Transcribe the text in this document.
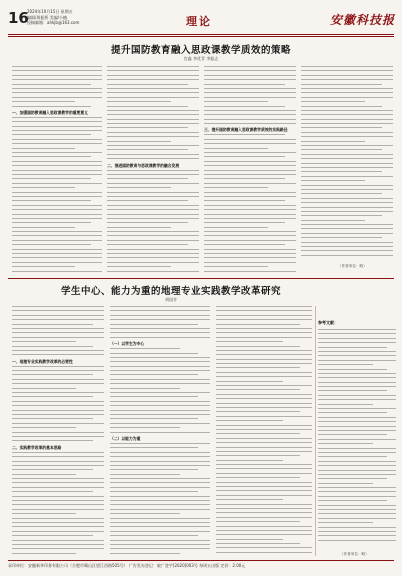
16
2024年10月15日 星期五
编辑/周振桥 美编/小楠
投稿邮箱：ahkjb@163.com	理论	安徽科技报
提升国防教育融入思政课教学质效的策略
宫鑫 李优青 李振志
一、加强国防教育融入思政课教学的重要意义
二、推进国防教育与思政课教学的融合发展
三、提升国防教育融入思政课教学质效的实践路径
（作者单位：略）
学生中心、能力为重的地理专业实践教学改革研究
胡国芳
一、地理专业实践教学改革的必要性
二、实践教学改革的基本思路
（一）以学生为中心
（二）以能力为重
参考文献：
（作者单位：略）
承印单位：安徽新华印务有限公司（合肥市蜀山区望江西路505号） 广告发布登记：皖广登字[2020]003号 每周五出版 定价：2.00元
